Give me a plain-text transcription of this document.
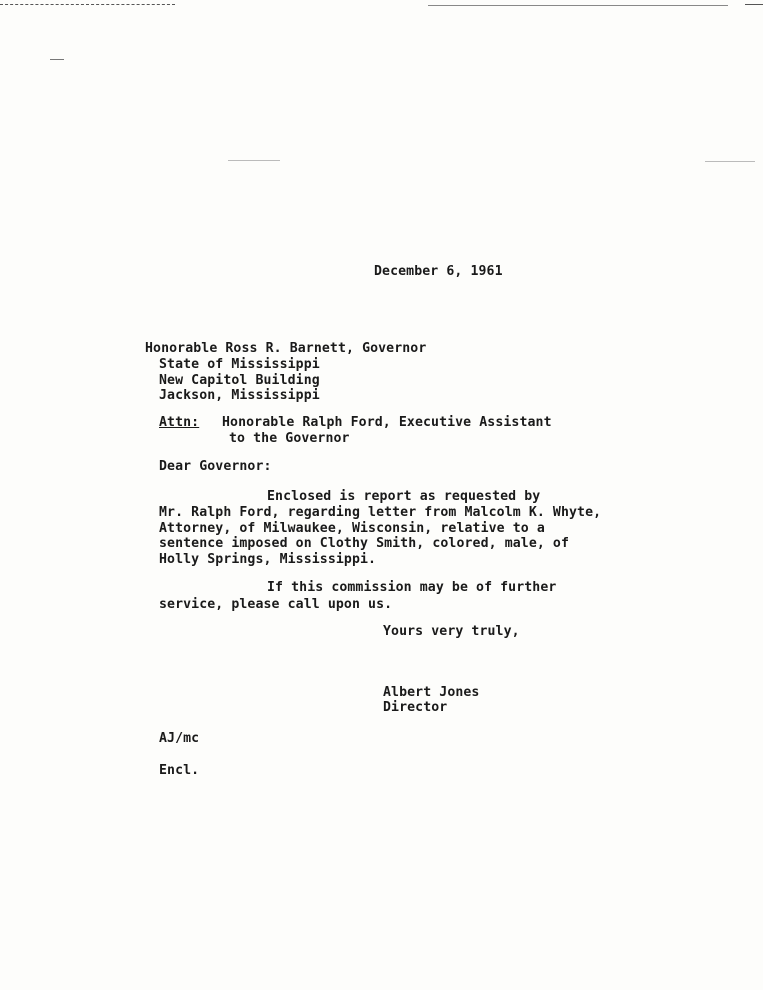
December 6, 1961
Honorable Ross R. Barnett, Governor
State of Mississippi
New Capitol Building
Jackson, Mississippi
Attn: Honorable Ralph Ford, Executive Assistant
to the Governor
Dear Governor:
Enclosed is report as requested by
Mr. Ralph Ford, regarding letter from Malcolm K. Whyte,
Attorney, of Milwaukee, Wisconsin, relative to a
sentence imposed on Clothy Smith, colored, male, of
Holly Springs, Mississippi.
If this commission may be of further
service, please call upon us.
Yours very truly,
Albert Jones
Director
AJ/mc
Encl.
